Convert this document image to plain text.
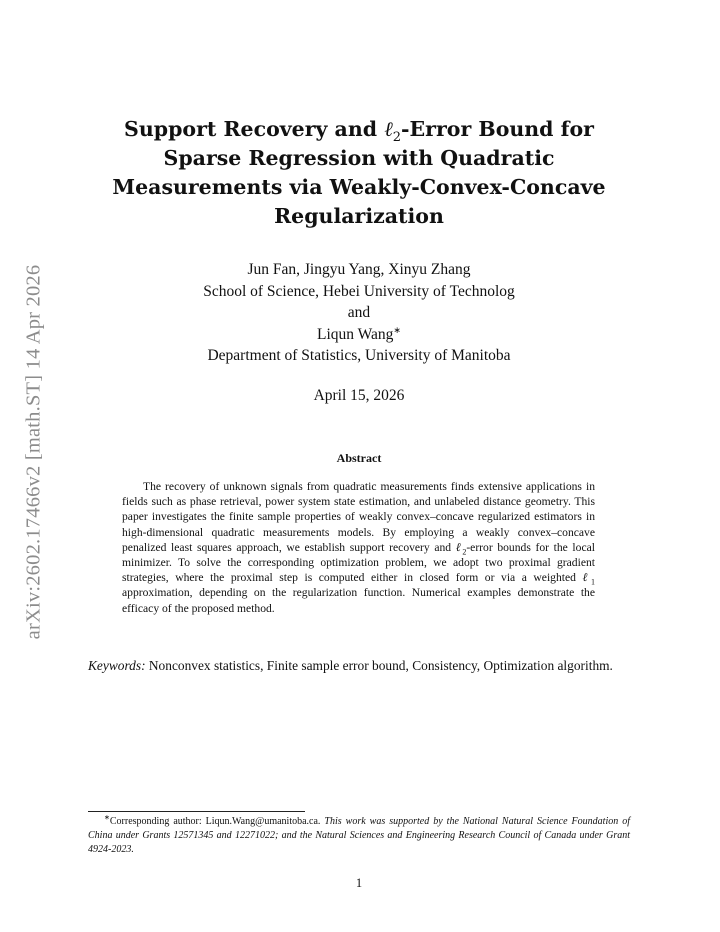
arXiv:2602.17466v2 [math.ST] 14 Apr 2026
Support Recovery and ℓ$_2$-Error Bound for Sparse Regression with Quadratic Measurements via Weakly-Convex-Concave Regularization
Jun Fan, Jingyu Yang, Xinyu Zhang
School of Science, Hebei University of Technolog
and
Liqun Wang∗
Department of Statistics, University of Manitoba
April 15, 2026
Abstract

The recovery of unknown signals from quadratic measurements finds extensive applications in fields such as phase retrieval, power system state estimation, and unlabeled distance geometry. This paper investigates the finite sample properties of weakly convex–concave regularized estimators in high-dimensional quadratic measurements models. By employing a weakly convex–concave penalized least squares approach, we establish support recovery and ℓ$_2$-error bounds for the local minimizer. To solve the corresponding optimization problem, we adopt two proximal gradient strategies, where the proximal step is computed either in closed form or via a weighted ℓ$_1$ approximation, depending on the regularization function. Numerical examples demonstrate the efficacy of the proposed method.

Keywords: Nonconvex statistics, Finite sample error bound, Consistency, Optimization algorithm.

∗Corresponding author: Liqun.Wang@umanitoba.ca. This work was supported by the National Natural Science Foundation of China under Grants 12571345 and 12271022; and the Natural Sciences and Engineering Research Council of Canada under Grant 4924-2023.

1
